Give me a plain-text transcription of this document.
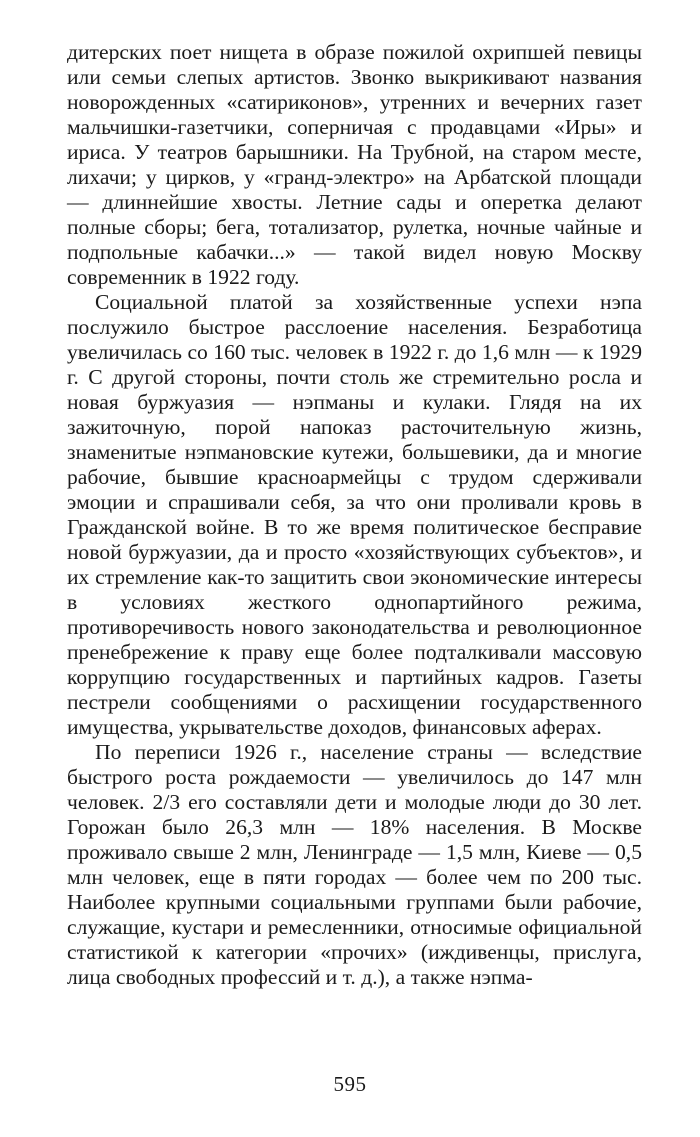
дитерских поет нищета в образе пожилой охрипшей певицы или семьи слепых артистов. Звонко выкрикивают названия новорожденных «сатириконов», утренних и вечерних газет мальчишки-газетчики, соперничая с продавцами «Иры» и ириса. У театров барышники. На Трубной, на старом месте, лихачи; у цирков, у «гранд-электро» на Арбатской площади — длиннейшие хвосты. Летние сады и оперетка делают полные сборы; бега, тотализатор, рулетка, ночные чайные и подпольные кабачки...» — такой видел новую Москву современник в 1922 году.

Социальной платой за хозяйственные успехи нэпа послужило быстрое расслоение населения. Безработица увеличилась со 160 тыс. человек в 1922 г. до 1,6 млн — к 1929 г. С другой стороны, почти столь же стремительно росла и новая буржуазия — нэпманы и кулаки. Глядя на их зажиточную, порой напоказ расточительную жизнь, знаменитые нэпмановские кутежи, большевики, да и многие рабочие, бывшие красноармейцы с трудом сдерживали эмоции и спрашивали себя, за что они проливали кровь в Гражданской войне. В то же время политическое бесправие новой буржуазии, да и просто «хозяйствующих субъектов», и их стремление как-то защитить свои экономические интересы в условиях жесткого однопартийного режима, противоречивость нового законодательства и революционное пренебрежение к праву еще более подталкивали массовую коррупцию государственных и партийных кадров. Газеты пестрели сообщениями о расхищении государственного имущества, укрывательстве доходов, финансовых аферах.

По переписи 1926 г., население страны — вследствие быстрого роста рождаемости — увеличилось до 147 млн человек. 2/3 его составляли дети и молодые люди до 30 лет. Горожан было 26,3 млн — 18% населения. В Москве проживало свыше 2 млн, Ленинграде — 1,5 млн, Киеве — 0,5 млн человек, еще в пяти городах — более чем по 200 тыс. Наиболее крупными социальными группами были рабочие, служащие, кустари и ремесленники, относимые официальной статистикой к категории «прочих» (иждивенцы, прислуга, лица свободных профессий и т. д.), а также нэпма-

595
